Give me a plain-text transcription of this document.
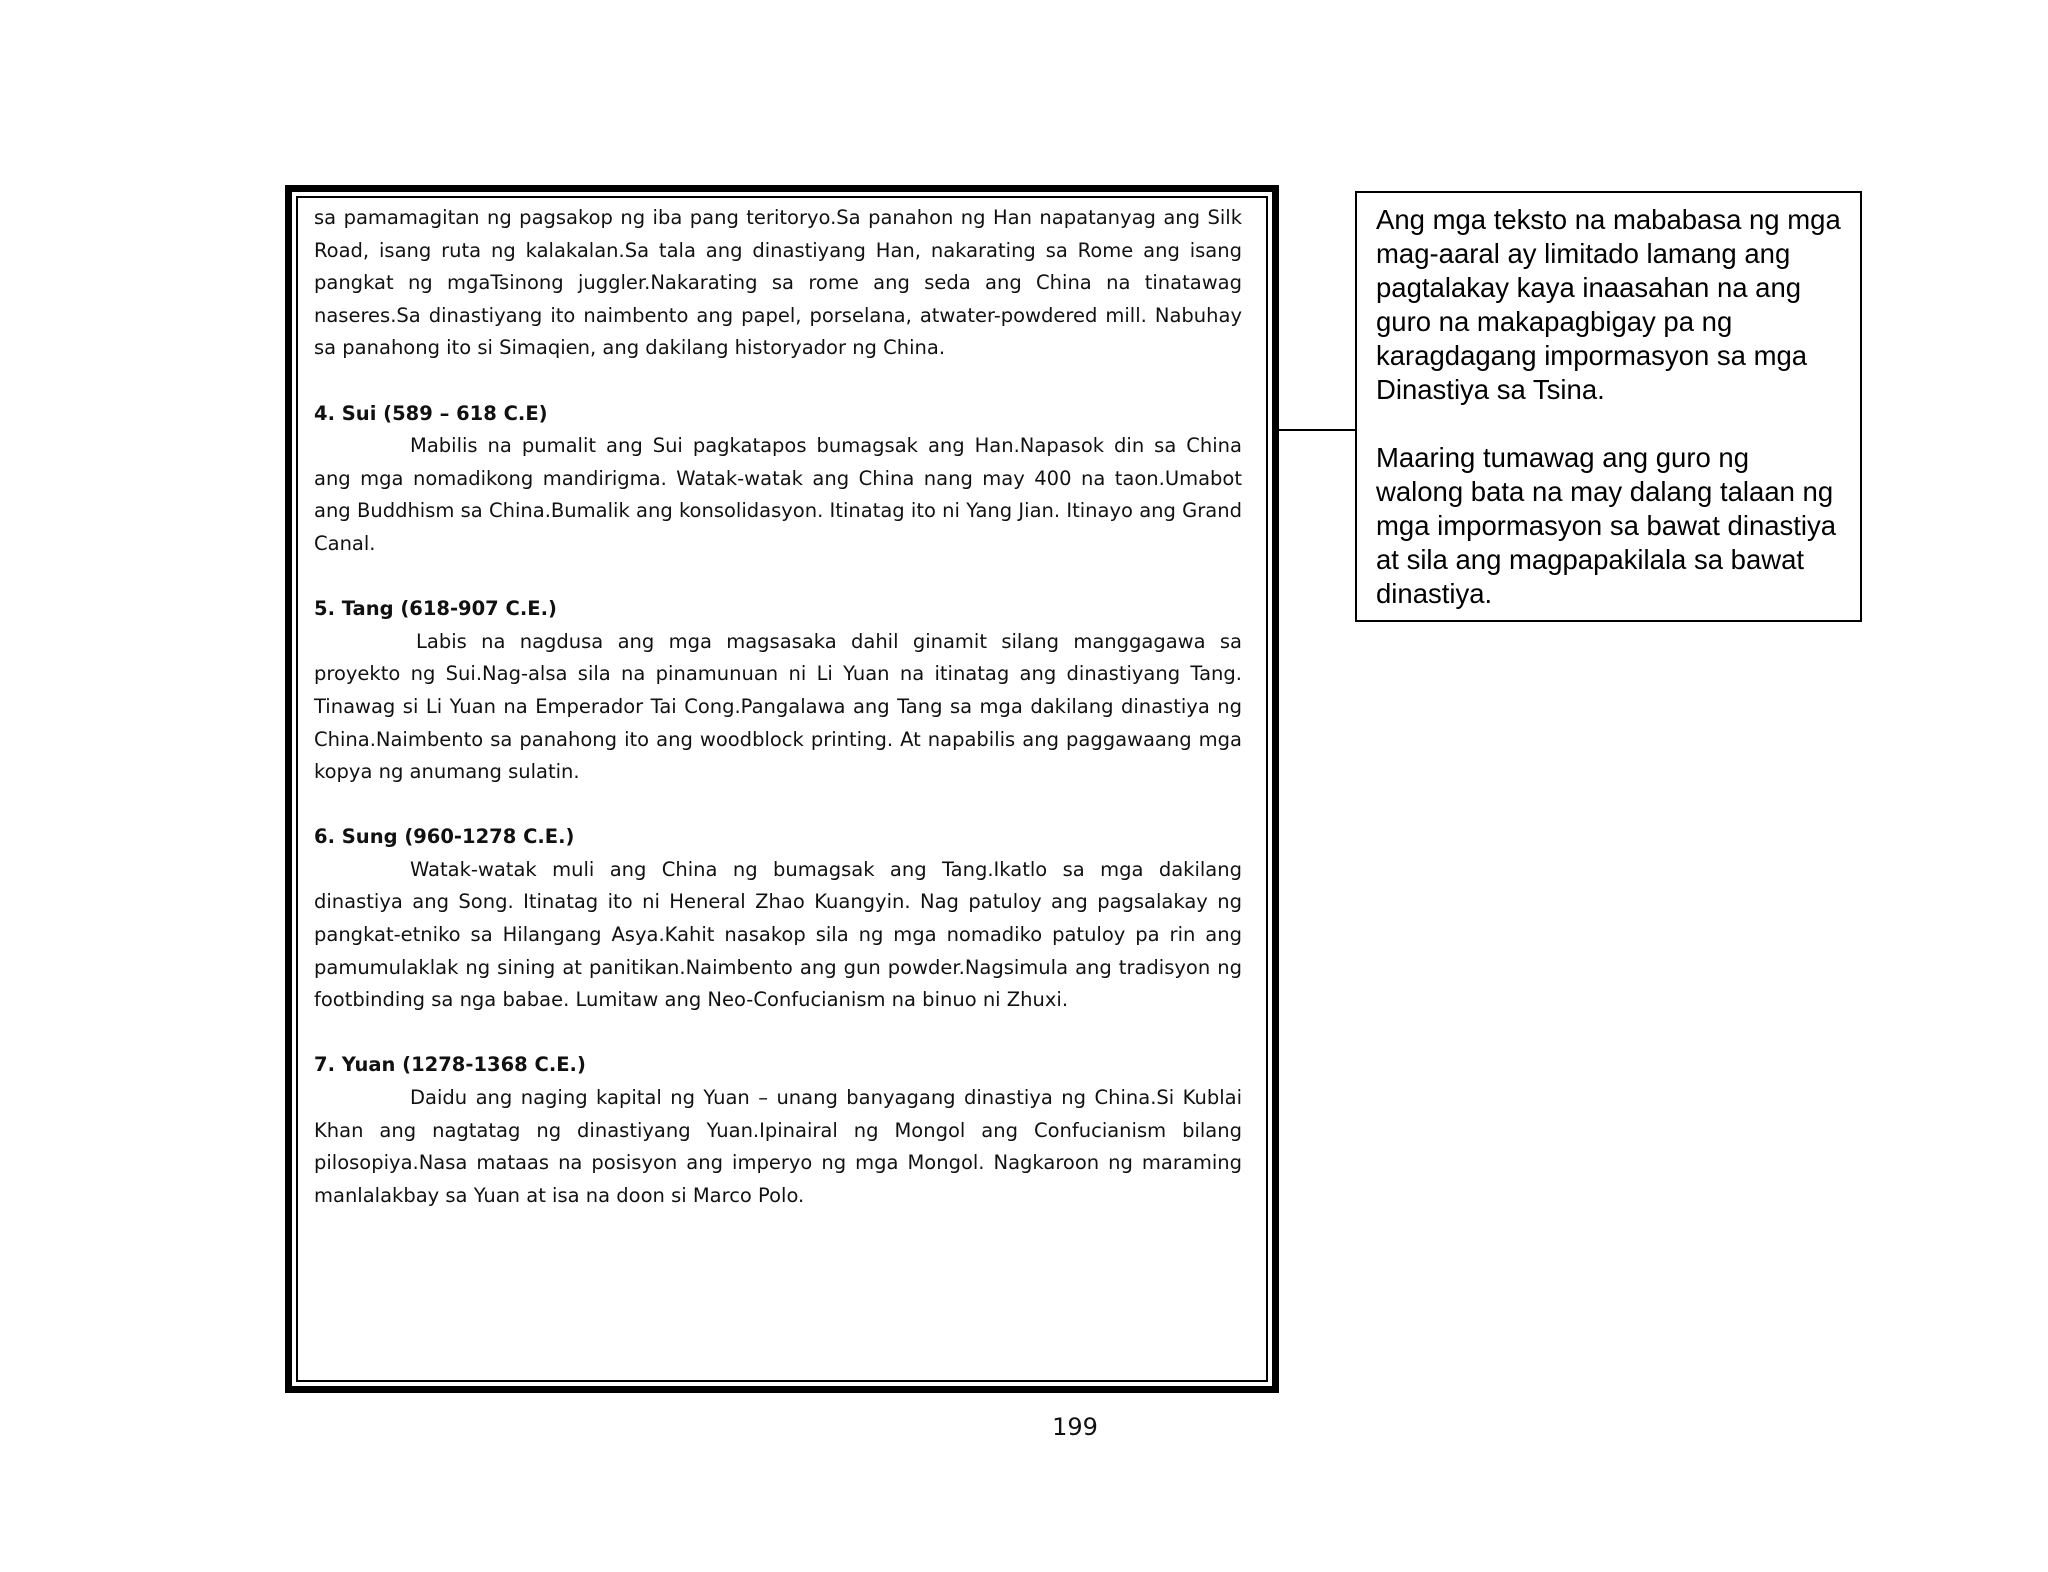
sa pamamagitan ng pagsakop ng iba pang teritoryo.Sa panahon ng Han napatanyag ang Silk Road, isang ruta ng kalakalan.Sa tala ang dinastiyang Han, nakarating sa Rome ang isang pangkat ng mgaTsinong juggler.Nakarating sa rome ang seda ang China na tinatawag naseres.Sa dinastiyang ito naimbento ang papel, porselana, atwater-powdered mill. Nabuhay sa panahong ito si Simaqien, ang dakilang historyador ng China.

4. Sui (589 – 618 C.E)

Mabilis na pumalit ang Sui pagkatapos bumagsak ang Han.Napasok din sa China ang mga nomadikong mandirigma. Watak-watak ang China nang may 400 na taon.Umabot ang Buddhism sa China.Bumalik ang konsolidasyon. Itinatag ito ni Yang Jian. Itinayo ang Grand Canal.

5. Tang (618-907 C.E.)

Labis na nagdusa ang mga magsasaka dahil ginamit silang manggagawa sa proyekto ng Sui.Nag-alsa sila na pinamunuan ni Li Yuan na itinatag ang dinastiyang Tang. Tinawag si Li Yuan na Emperador Tai Cong.Pangalawa ang Tang sa mga dakilang dinastiya ng China.Naimbento sa panahong ito ang woodblock printing. At napabilis ang paggawaang mga kopya ng anumang sulatin.

6. Sung (960-1278 C.E.)

Watak-watak muli ang China ng bumagsak ang Tang.Ikatlo sa mga dakilang dinastiya ang Song. Itinatag ito ni Heneral Zhao Kuangyin. Nag patuloy ang pagsalakay ng pangkat-etniko sa Hilangang Asya.Kahit nasakop sila ng mga nomadiko patuloy pa rin ang pamumulaklak ng sining at panitikan.Naimbento ang gun powder.Nagsimula ang tradisyon ng footbinding sa nga babae. Lumitaw ang Neo-Confucianism na binuo ni Zhuxi.

7. Yuan (1278-1368 C.E.)

Daidu ang naging kapital ng Yuan – unang banyagang dinastiya ng China.Si Kublai Khan ang nagtatag ng dinastiyang Yuan.Ipinairal ng Mongol ang Confucianism bilang pilosopiya.Nasa mataas na posisyon ang imperyo ng mga Mongol. Nagkaroon ng maraming manlalakbay sa Yuan at isa na doon si Marco Polo.

Ang mga teksto na mababasa ng mga mag-aaral ay limitado lamang ang pagtalakay kaya inaasahan na ang guro na makapagbigay pa ng karagdagang impormasyon sa mga Dinastiya sa Tsina.

Maaring tumawag ang guro ng walong bata na may dalang talaan ng mga impormasyon sa bawat dinastiya at sila ang magpapakilala sa bawat dinastiya.

199
